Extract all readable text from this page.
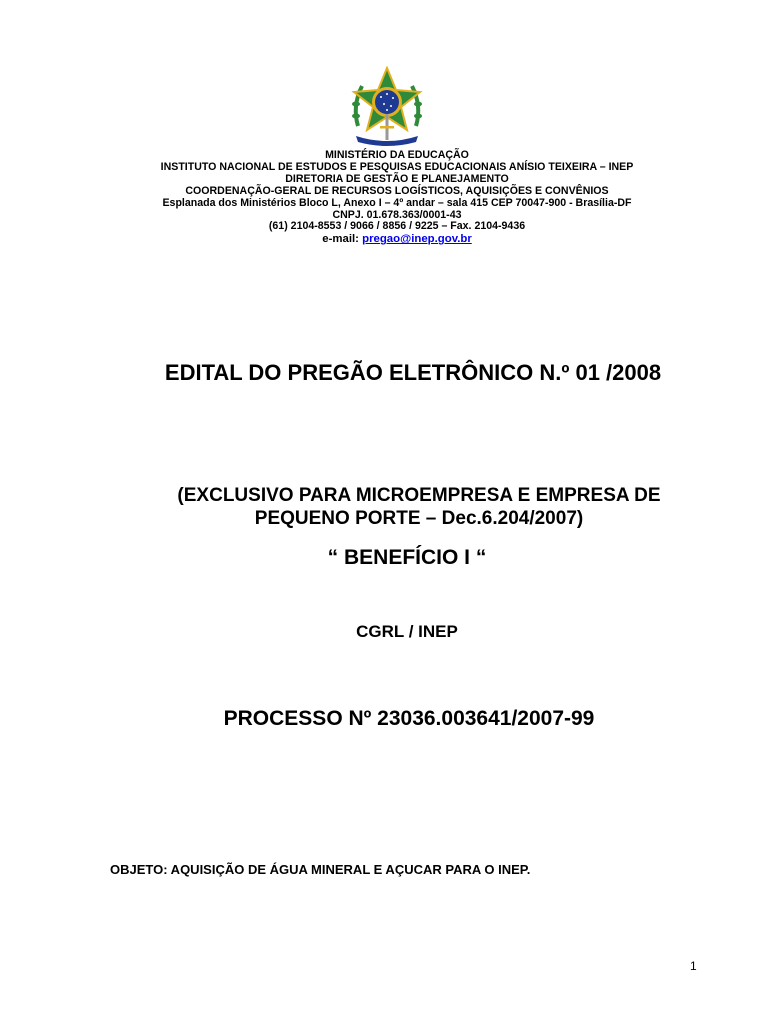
MINISTÉRIO DA EDUCAÇÃO
INSTITUTO NACIONAL DE ESTUDOS E PESQUISAS EDUCACIONAIS ANÍSIO TEIXEIRA – INEP
DIRETORIA DE GESTÃO E PLANEJAMENTO
COORDENAÇÃO-GERAL DE RECURSOS LOGÍSTICOS, AQUISIÇÕES E CONVÊNIOS
Esplanada dos Ministérios Bloco L, Anexo I – 4º andar – sala 415 CEP 70047-900 - Brasília-DF
CNPJ. 01.678.363/0001-43
(61) 2104-8553 / 9066 / 8856 / 9225 – Fax. 2104-9436
e-mail: pregao@inep.gov.br
EDITAL DO PREGÃO ELETRÔNICO N.º 01 /2008
(EXCLUSIVO PARA MICROEMPRESA E EMPRESA DE
PEQUENO PORTE – Dec.6.204/2007)
“ BENEFÍCIO I “
CGRL / INEP
PROCESSO Nº 23036.003641/2007-99
OBJETO: AQUISIÇÃO DE ÁGUA MINERAL E AÇUCAR PARA O INEP.
1
